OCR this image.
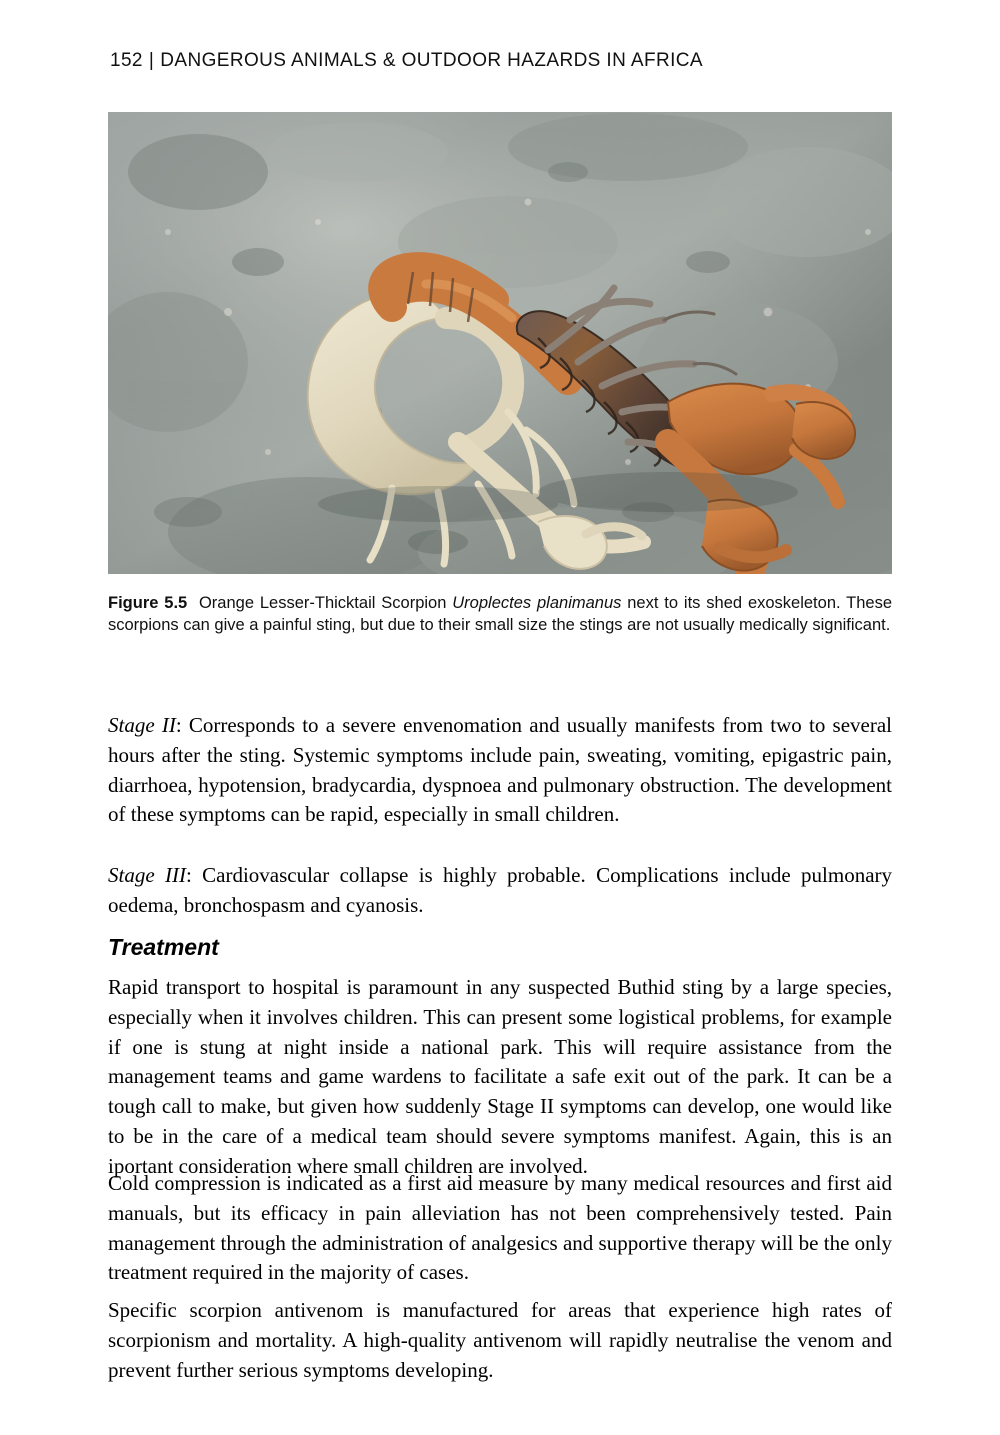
152 | DANGEROUS ANIMALS & OUTDOOR HAZARDS IN AFRICA
Figure 5.5 Orange Lesser-Thicktail Scorpion Uroplectes planimanus next to its shed exoskeleton. These scorpions can give a painful sting, but due to their small size the stings are not usually medically significant.

Stage II: Corresponds to a severe envenomation and usually manifests from two to several hours after the sting. Systemic symptoms include pain, sweating, vomiting, epigastric pain, diarrhoea, hypotension, bradycardia, dyspnoea and pulmonary obstruction. The development of these symptoms can be rapid, especially in small children.

Stage III: Cardiovascular collapse is highly probable. Complications include pulmonary oedema, bronchospasm and cyanosis.

Treatment

Rapid transport to hospital is paramount in any suspected Buthid sting by a large species, especially when it involves children. This can present some logistical problems, for example if one is stung at night inside a national park. This will require assistance from the management teams and game wardens to facilitate a safe exit out of the park. It can be a tough call to make, but given how suddenly Stage II symptoms can develop, one would like to be in the care of a medical team should severe symptoms manifest. Again, this is an iportant consideration where small children are involved.

Cold compression is indicated as a first aid measure by many medical resources and first aid manuals, but its efficacy in pain alleviation has not been comprehensively tested. Pain management through the administration of analgesics and supportive therapy will be the only treatment required in the majority of cases.

Specific scorpion antivenom is manufactured for areas that experience high rates of scorpionism and mortality. A high-quality antivenom will rapidly neutralise the venom and prevent further serious symptoms developing.
